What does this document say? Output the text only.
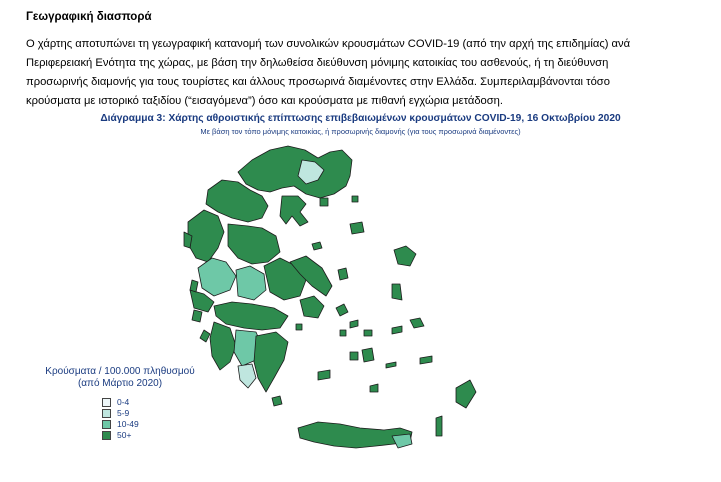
Γεωγραφική διασπορά

Ο χάρτης αποτυπώνει τη γεωγραφική κατανομή των συνολικών κρουσμάτων COVID-19 (από την αρχή της επιδημίας) ανά

Περιφερειακή Ενότητα της χώρας, με βάση την δηλωθείσα διεύθυνση μόνιμης κατοικίας του ασθενούς, ή τη διεύθυνση

προσωρινής διαμονής για τους τουρίστες και άλλους προσωρινά διαμένοντες στην Ελλάδα. Συμπεριλαμβάνονται τόσο

κρούσματα με ιστορικό ταξιδίου (“εισαγόμενα”) όσο και κρούσματα με πιθανή εγχώρια μετάδοση.

Διάγραμμα 3: Χάρτης αθροιστικής επίπτωσης επιβεβαιωμένων κρουσμάτων COVID-19, 16 Οκτωβρίου 2020
Με βάση τον τόπο μόνιμης κατοικίας, ή προσωρινής διαμονής (για τους προσωρινά διαμένοντες)
Κρούσματα / 100.000 πληθυσμού
(από Μάρτιο 2020)
0-4
5-9
10-49
50+
